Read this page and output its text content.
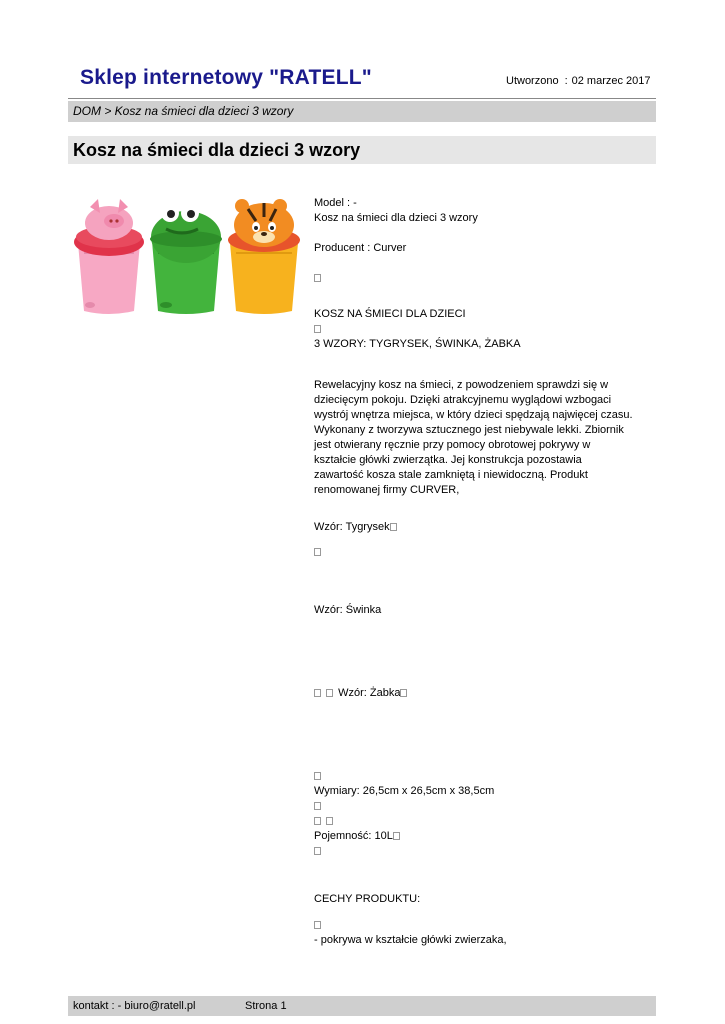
Sklep internetowy "RATELL"	Utworzono : 02 marzec 2017
DOM > Kosz na śmieci dla dzieci 3 wzory
Kosz na śmieci dla dzieci 3 wzory
Model : -
Kosz na śmieci dla dzieci 3 wzory
Producent : Curver
KOSZ NA ŚMIECI DLA DZIECI
3 WZORY: TYGRYSEK, ŚWINKA, ŻABKA
Rewelacyjny kosz na śmieci, z powodzeniem sprawdzi się w dziecięcym pokoju. Dzięki atrakcyjnemu wyglądowi wzbogaci wystrój wnętrza miejsca, w który dzieci spędzają najwięcej czasu. Wykonany z tworzywa sztucznego jest niebywale lekki. Zbiornik jest otwierany ręcznie przy pomocy obrotowej pokrywy w kształcie główki zwierzątka. Jej konstrukcja pozostawia zawartość kosza stale zamkniętą i niewidoczną. Produkt renomowanej firmy CURVER,
Wzór: Tygrysek
Wzór: Świnka
Wzór: Żabka
Wymiary: 26,5cm x 26,5cm x 38,5cm

Pojemność: 10L
CECHY PRODUKTU:
- pokrywa w kształcie główki zwierzaka,
kontakt : - biuro@ratell.pl	Strona 1
